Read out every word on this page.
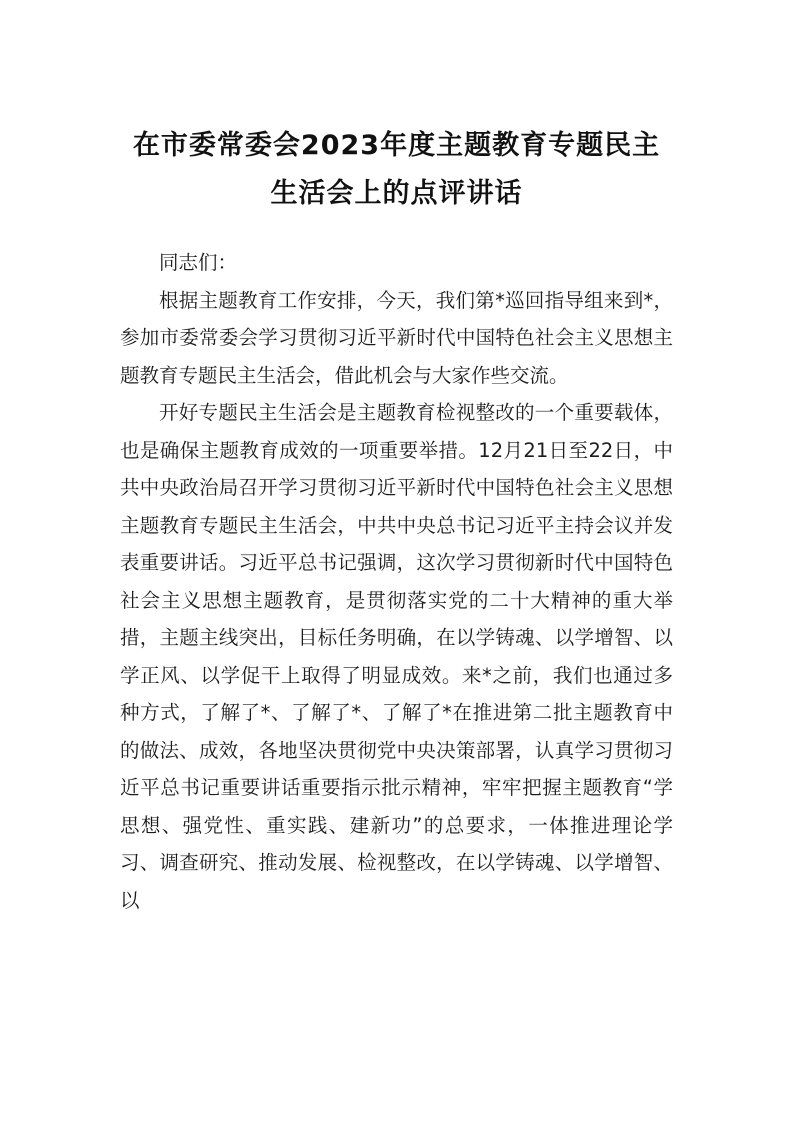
在市委常委会2023年度主题教育专题民主
生活会上的点评讲话

同志们：

根据主题教育工作安排，今天，我们第*巡回指导组来到*，参加市委常委会学习贯彻习近平新时代中国特色社会主义思想主题教育专题民主生活会，借此机会与大家作些交流。

开好专题民主生活会是主题教育检视整改的一个重要载体，也是确保主题教育成效的一项重要举措。12月21日至22日，中共中央政治局召开学习贯彻习近平新时代中国特色社会主义思想主题教育专题民主生活会，中共中央总书记习近平主持会议并发表重要讲话。习近平总书记强调，这次学习贯彻新时代中国特色社会主义思想主题教育，是贯彻落实党的二十大精神的重大举措，主题主线突出，目标任务明确，在以学铸魂、以学增智、以学正风、以学促干上取得了明显成效。来*之前，我们也通过多种方式，了解了*、了解了*、了解了*在推进第二批主题教育中的做法、成效，各地坚决贯彻党中央决策部署，认真学习贯彻习近平总书记重要讲话重要指示批示精神，牢牢把握主题教育“学思想、强党性、重实践、建新功”的总要求，一体推进理论学习、调查研究、推动发展、检视整改，在以学铸魂、以学增智、以
